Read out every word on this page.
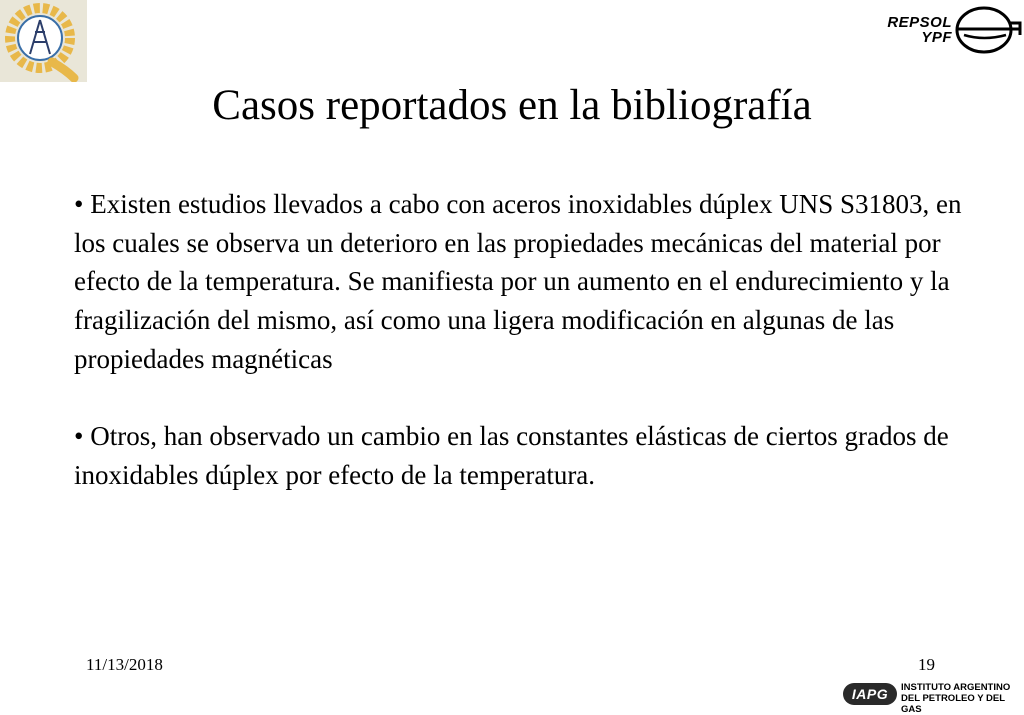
REPSOL
YPF
Casos reportados en la bibliografía

• Existen estudios llevados a cabo con aceros inoxidables dúplex UNS S31803, en los cuales se observa un deterioro en las propiedades mecánicas del material por efecto de la temperatura. Se manifiesta por un aumento en el endurecimiento y la fragilización del mismo, así como una ligera modificación en algunas de las propiedades magnéticas

• Otros, han observado un cambio en las constantes elásticas de ciertos grados de inoxidables dúplex por efecto de la temperatura.

11/13/2018	19
IAPG	INSTITUTO ARGENTINO
DEL PETROLEO Y DEL GAS
